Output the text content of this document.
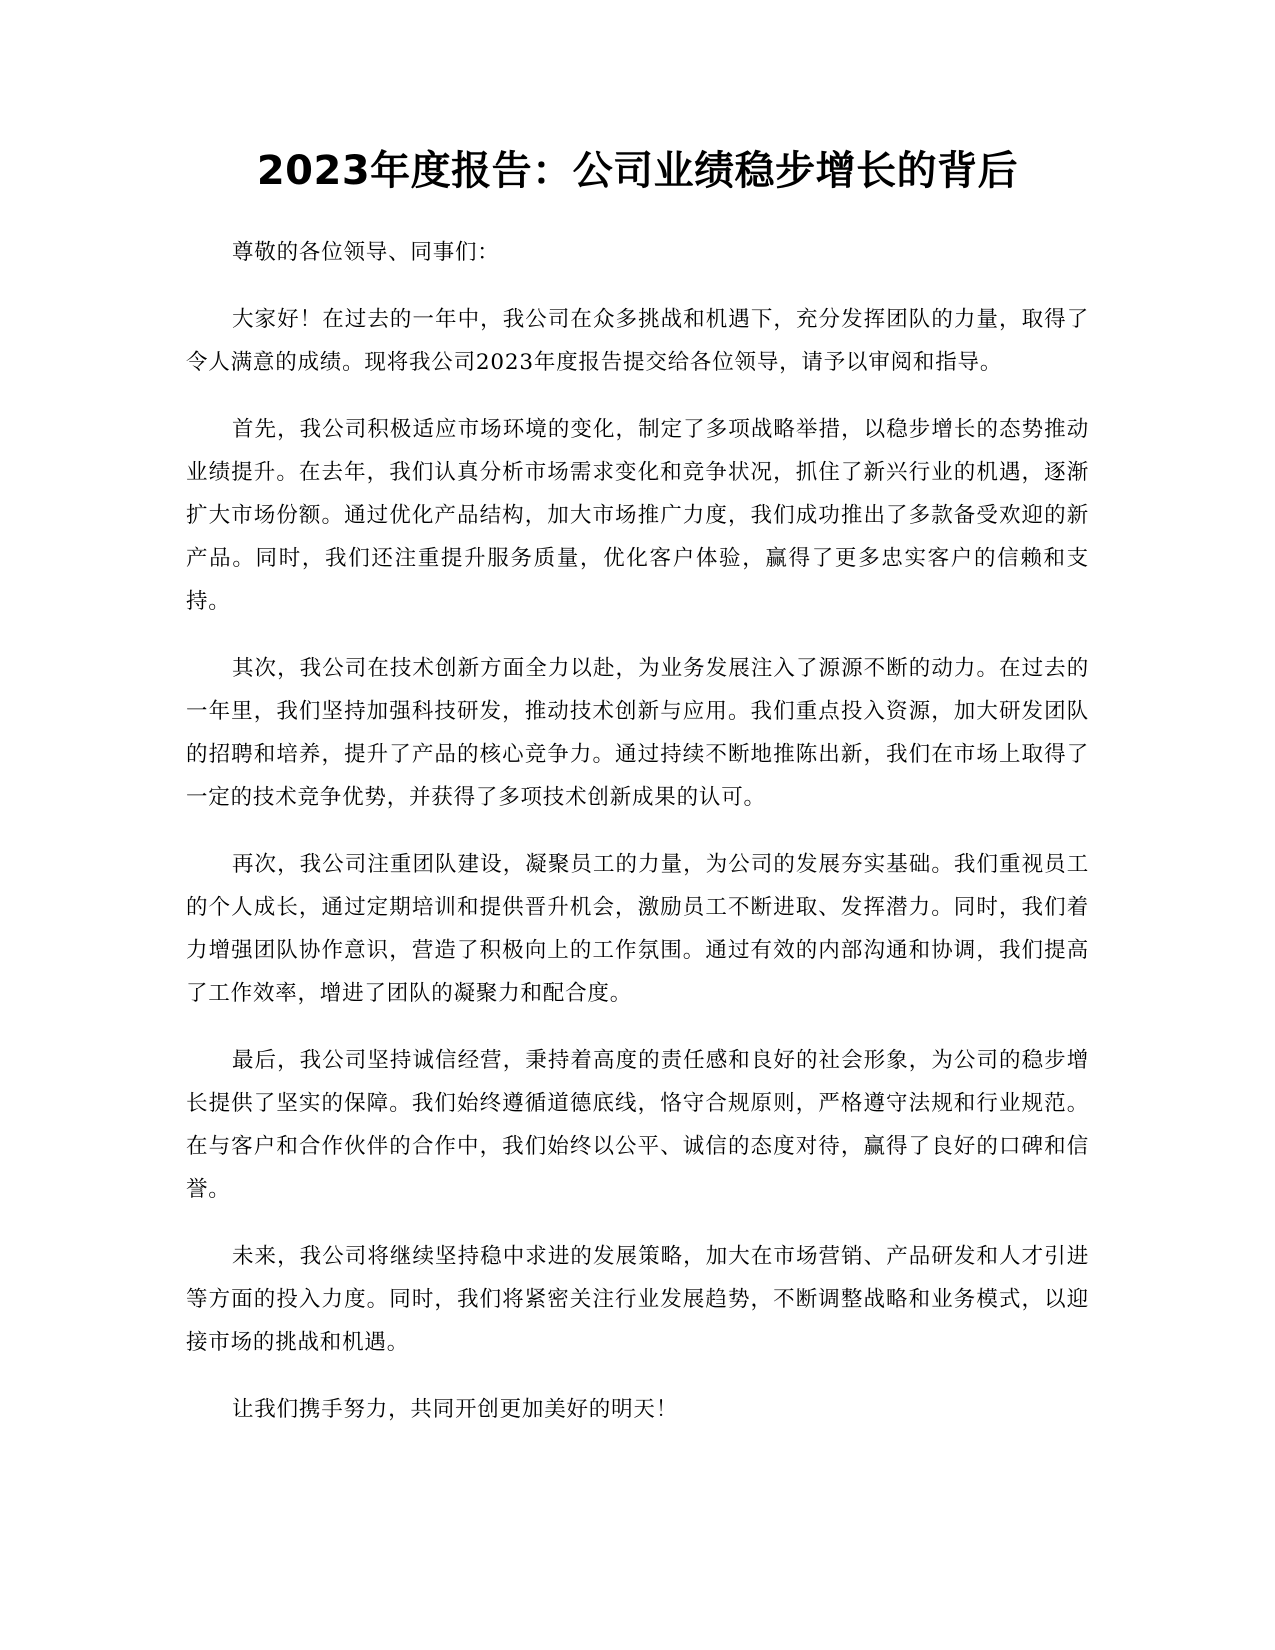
2023年度报告：公司业绩稳步增长的背后

尊敬的各位领导、同事们：

大家好！在过去的一年中，我公司在众多挑战和机遇下，充分发挥团队的力量，取得了令人满意的成绩。现将我公司2023年度报告提交给各位领导，请予以审阅和指导。

首先，我公司积极适应市场环境的变化，制定了多项战略举措，以稳步增长的态势推动业绩提升。在去年，我们认真分析市场需求变化和竞争状况，抓住了新兴行业的机遇，逐渐扩大市场份额。通过优化产品结构，加大市场推广力度，我们成功推出了多款备受欢迎的新产品。同时，我们还注重提升服务质量，优化客户体验，赢得了更多忠实客户的信赖和支持。

其次，我公司在技术创新方面全力以赴，为业务发展注入了源源不断的动力。在过去的一年里，我们坚持加强科技研发，推动技术创新与应用。我们重点投入资源，加大研发团队的招聘和培养，提升了产品的核心竞争力。通过持续不断地推陈出新，我们在市场上取得了一定的技术竞争优势，并获得了多项技术创新成果的认可。

再次，我公司注重团队建设，凝聚员工的力量，为公司的发展夯实基础。我们重视员工的个人成长，通过定期培训和提供晋升机会，激励员工不断进取、发挥潜力。同时，我们着力增强团队协作意识，营造了积极向上的工作氛围。通过有效的内部沟通和协调，我们提高了工作效率，增进了团队的凝聚力和配合度。

最后，我公司坚持诚信经营，秉持着高度的责任感和良好的社会形象，为公司的稳步增长提供了坚实的保障。我们始终遵循道德底线，恪守合规原则，严格遵守法规和行业规范。在与客户和合作伙伴的合作中，我们始终以公平、诚信的态度对待，赢得了良好的口碑和信誉。

未来，我公司将继续坚持稳中求进的发展策略，加大在市场营销、产品研发和人才引进等方面的投入力度。同时，我们将紧密关注行业发展趋势，不断调整战略和业务模式，以迎接市场的挑战和机遇。

让我们携手努力，共同开创更加美好的明天！
